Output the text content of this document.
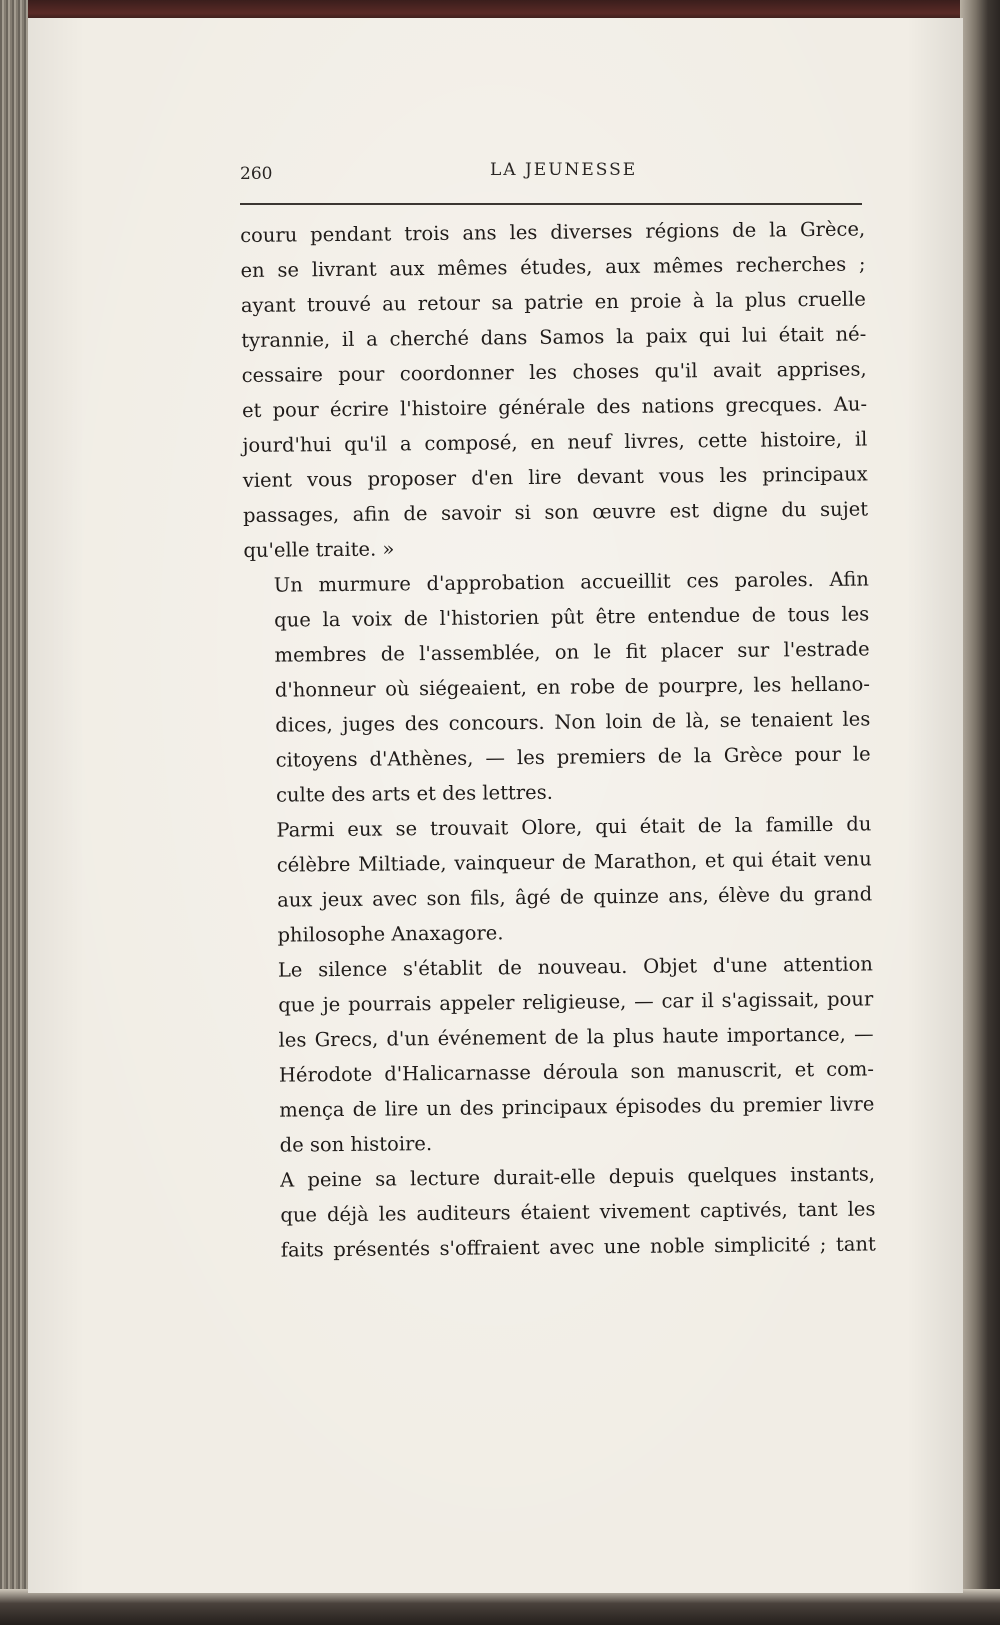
260	LA JEUNESSE

couru pendant trois ans les diverses régions de la Grèce,
en se livrant aux mêmes études, aux mêmes recherches ;
ayant trouvé au retour sa patrie en proie à la plus cruelle
tyrannie, il a cherché dans Samos la paix qui lui était né-
cessaire pour coordonner les choses qu'il avait apprises,
et pour écrire l'histoire générale des nations grecques. Au-
jourd'hui qu'il a composé, en neuf livres, cette histoire, il
vient vous proposer d'en lire devant vous les principaux
passages, afin de savoir si son œuvre est digne du sujet
qu'elle traite. »

Un murmure d'approbation accueillit ces paroles. Afin
que la voix de l'historien pût être entendue de tous les
membres de l'assemblée, on le fit placer sur l'estrade
d'honneur où siégeaient, en robe de pourpre, les hellano-
dices, juges des concours. Non loin de là, se tenaient les
citoyens d'Athènes, — les premiers de la Grèce pour le
culte des arts et des lettres.

Parmi eux se trouvait Olore, qui était de la famille du
célèbre Miltiade, vainqueur de Marathon, et qui était venu
aux jeux avec son fils, âgé de quinze ans, élève du grand
philosophe Anaxagore.

Le silence s'établit de nouveau. Objet d'une attention
que je pourrais appeler religieuse, — car il s'agissait, pour
les Grecs, d'un événement de la plus haute importance, —
Hérodote d'Halicarnasse déroula son manuscrit, et com-
mença de lire un des principaux épisodes du premier livre
de son histoire.

A peine sa lecture durait-elle depuis quelques instants,
que déjà les auditeurs étaient vivement captivés, tant les
faits présentés s'offraient avec une noble simplicité ; tant
